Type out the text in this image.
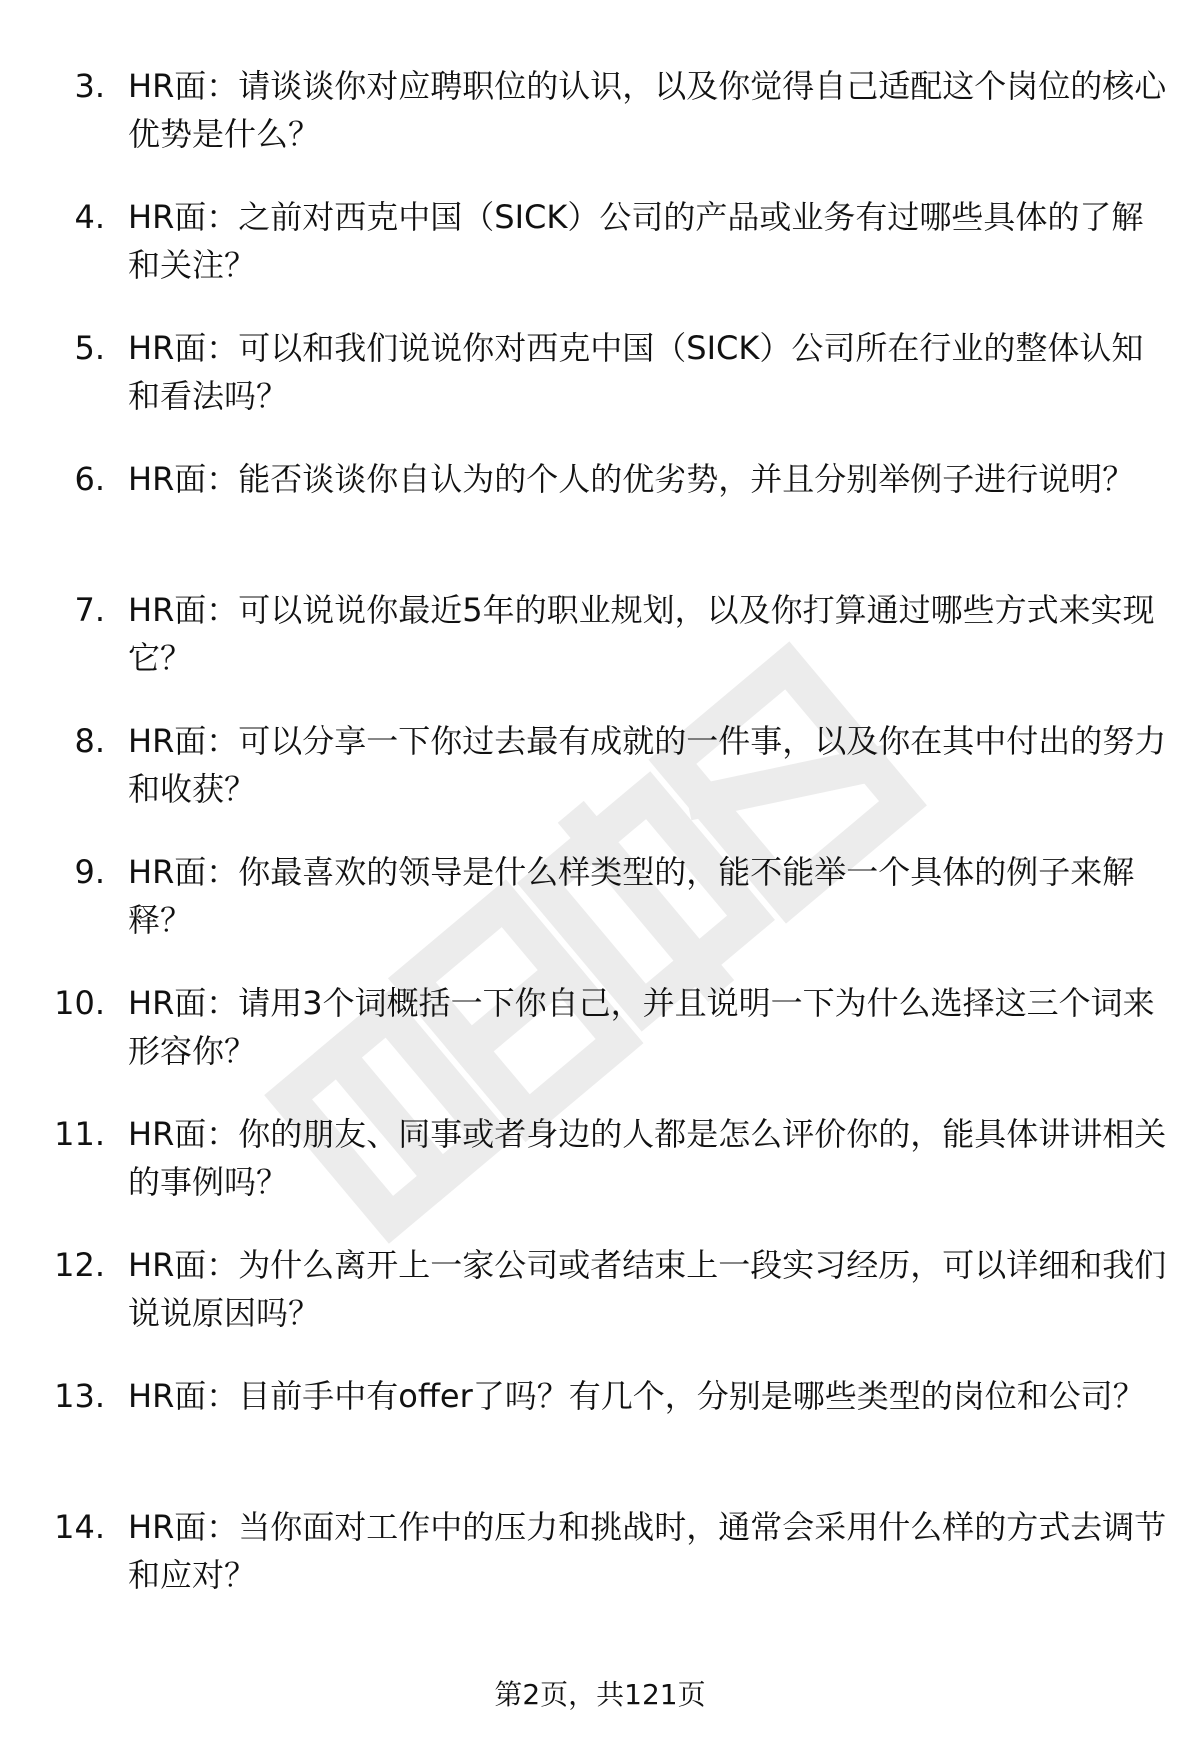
3. HR面：请谈谈你对应聘职位的认识，以及你觉得自己适配这个岗位的核心优势是什么？

4. HR面：之前对西克中国（SICK）公司的产品或业务有过哪些具体的了解和关注？

5. HR面：可以和我们说说你对西克中国（SICK）公司所在行业的整体认知和看法吗？

6. HR面：能否谈谈你自认为的个人的优劣势，并且分别举例子进行说明？

7. HR面：可以说说你最近5年的职业规划，以及你打算通过哪些方式来实现它？

8. HR面：可以分享一下你过去最有成就的一件事，以及你在其中付出的努力和收获？

9. HR面：你最喜欢的领导是什么样类型的，能不能举一个具体的例子来解释？

10. HR面：请用3个词概括一下你自己，并且说明一下为什么选择这三个词来形容你？

11. HR面：你的朋友、同事或者身边的人都是怎么评价你的，能具体讲讲相关的事例吗？

12. HR面：为什么离开上一家公司或者结束上一段实习经历，可以详细和我们说说原因吗？

13. HR面：目前手中有offer了吗？有几个，分别是哪些类型的岗位和公司？

14. HR面：当你面对工作中的压力和挑战时，通常会采用什么样的方式去调节和应对？

第2页，共121页
